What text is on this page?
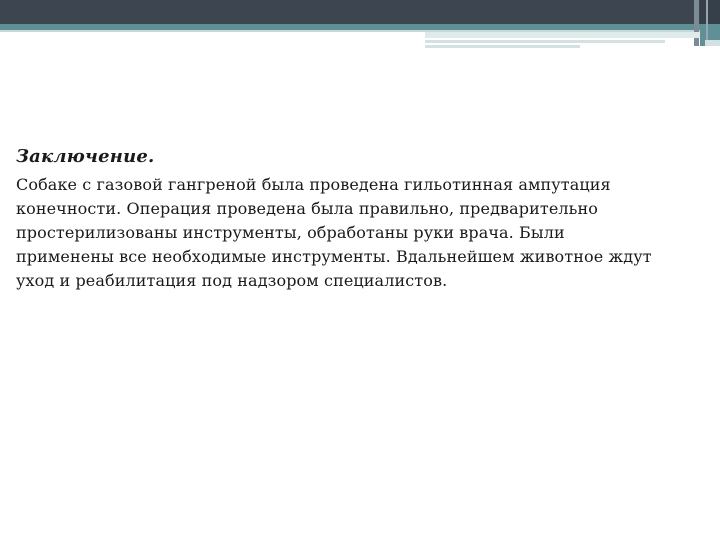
Заключение.

Собаке с газовой гангреной была проведена гильотинная ампутация конечности. Операция проведена была правильно, предварительно простерилизованы инструменты, обработаны руки врача. Были применены все необходимые инструменты. Вдальнейшем животное ждут уход и реабилитация под надзором специалистов.
